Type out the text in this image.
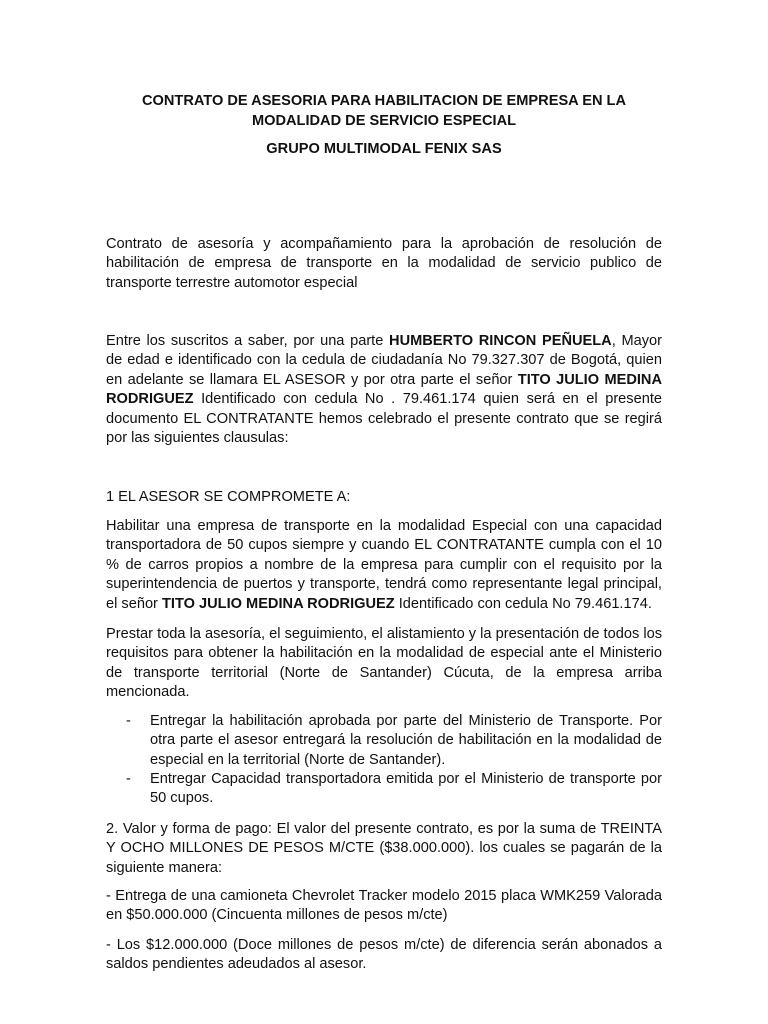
CONTRATO DE ASESORIA PARA HABILITACION DE EMPRESA EN LA MODALIDAD DE SERVICIO ESPECIAL

GRUPO MULTIMODAL FENIX SAS

Contrato de asesoría y acompañamiento para la aprobación de resolución de habilitación de empresa de transporte en la modalidad de servicio publico de transporte terrestre automotor especial

Entre los suscritos a saber, por una parte HUMBERTO RINCON PEÑUELA, Mayor de edad e identificado con la cedula de ciudadanía No 79.327.307 de Bogotá, quien en adelante se llamara EL ASESOR y por otra parte el señor TITO JULIO MEDINA RODRIGUEZ Identificado con cedula No . 79.461.174 quien será en el presente documento EL CONTRATANTE hemos celebrado el presente contrato que se regirá por las siguientes clausulas:

1 EL ASESOR SE COMPROMETE A:

Habilitar una empresa de transporte en la modalidad Especial con una capacidad transportadora de 50 cupos siempre y cuando EL CONTRATANTE cumpla con el 10 % de carros propios a nombre de la empresa para cumplir con el requisito por la superintendencia de puertos y transporte, tendrá como representante legal principal, el señor TITO JULIO MEDINA RODRIGUEZ Identificado con cedula No 79.461.174.

Prestar toda la asesoría, el seguimiento, el alistamiento y la presentación de todos los requisitos para obtener la habilitación en la modalidad de especial ante el Ministerio de transporte territorial (Norte de Santander) Cúcuta, de la empresa arriba mencionada.

- Entregar la habilitación aprobada por parte del Ministerio de Transporte. Por otra parte el asesor entregará la resolución de habilitación en la modalidad de especial en la territorial (Norte de Santander).
- Entregar Capacidad transportadora emitida por el Ministerio de transporte por 50 cupos.

2. Valor y forma de pago: El valor del presente contrato, es por la suma de TREINTA Y OCHO MILLONES DE PESOS M/CTE ($38.000.000). los cuales se pagarán de la siguiente manera:

- Entrega de una camioneta Chevrolet Tracker modelo 2015 placa WMK259 Valorada en $50.000.000 (Cincuenta millones de pesos m/cte)

- Los $12.000.000 (Doce millones de pesos m/cte) de diferencia serán abonados a saldos pendientes adeudados al asesor.
